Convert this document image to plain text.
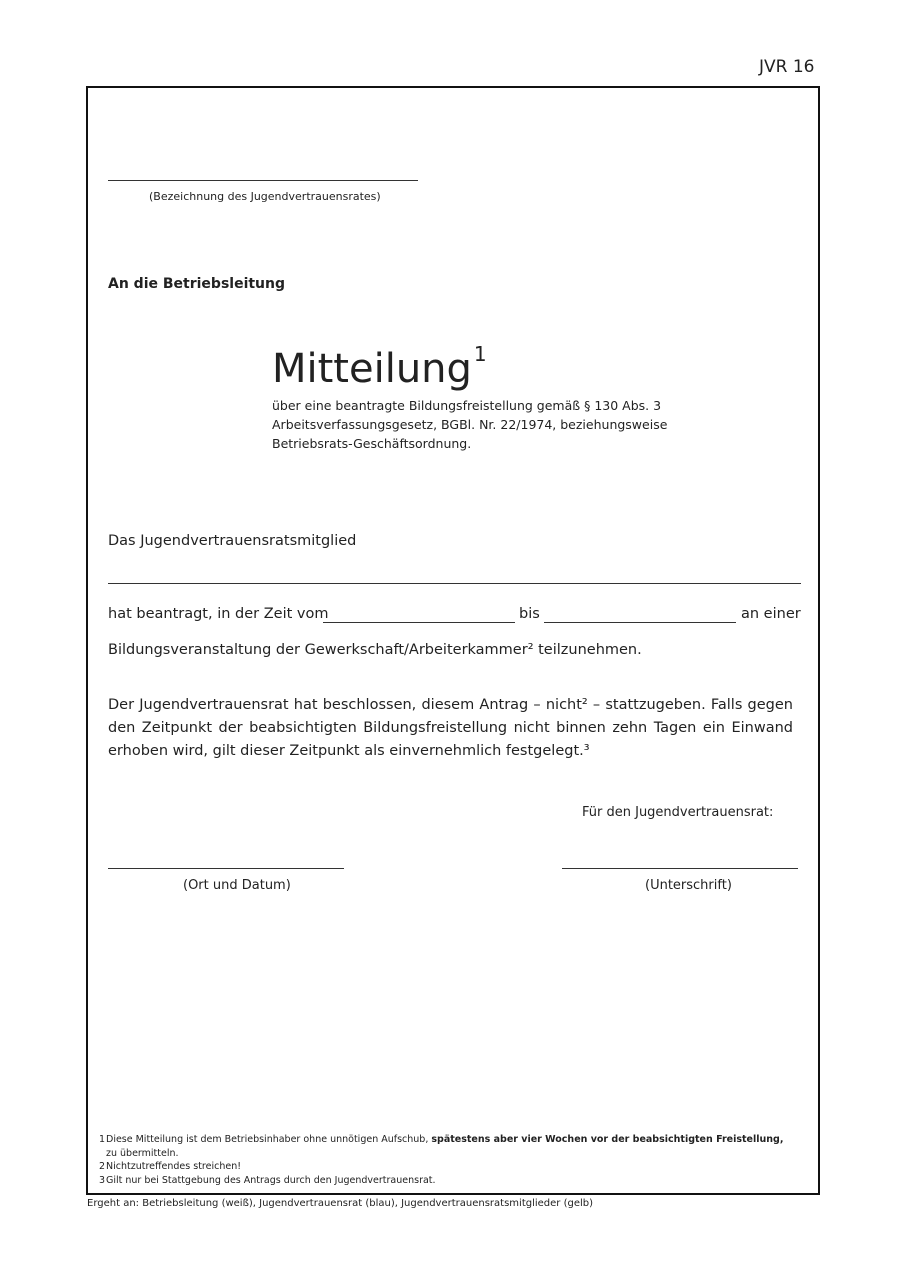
JVR 16
(Bezeichnung des Jugendvertrauensrates)
An die Betriebsleitung
Mitteilung $^1$
über eine beantragte Bildungsfreistellung gemäß § 130 Abs. 3
Arbeitsverfassungsgesetz, BGBl. Nr. 22/1974, beziehungsweise
Betriebsrats-Geschäftsordnung.
Das Jugendvertrauensratsmitglied
hat beantragt, in der Zeit vom	bis	an einer
Bildungsveranstaltung der Gewerkschaft/Arbeiterkammer² teilzunehmen.
Der Jugendvertrauensrat hat beschlossen, diesem Antrag – nicht² – stattzugeben. Falls gegen den Zeitpunkt der beabsichtigten Bildungsfreistellung nicht binnen zehn Tagen ein Einwand erhoben wird, gilt dieser Zeitpunkt als einvernehmlich festgelegt.³
Für den Jugendvertrauensrat:
(Ort und Datum)	(Unterschrift)
1 Diese Mitteilung ist dem Betriebsinhaber ohne unnötigen Aufschub, spätestens aber vier Wochen vor der beabsichtigten Freistellung,
zu übermitteln.
2 Nichtzutreffendes streichen!
3 Gilt nur bei Stattgebung des Antrags durch den Jugendvertrauensrat.
Ergeht an: Betriebsleitung (weiß), Jugendvertrauensrat (blau), Jugendvertrauensratsmitglieder (gelb)
